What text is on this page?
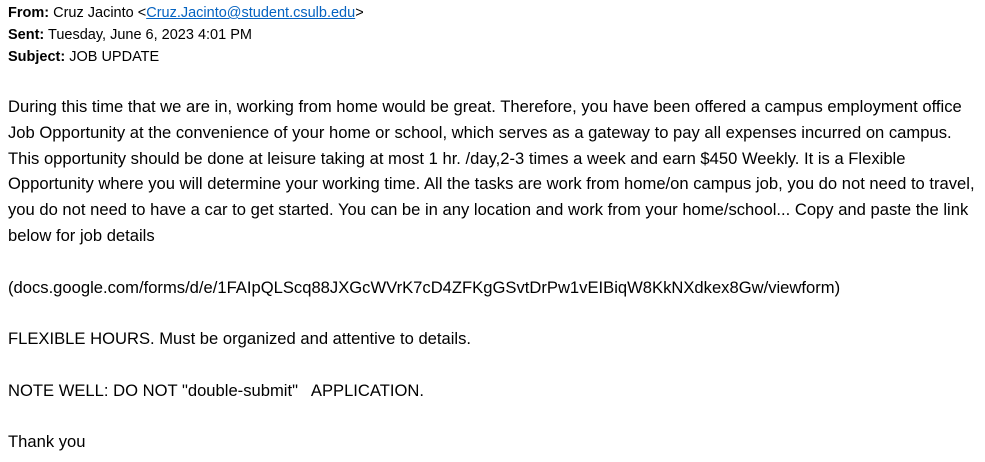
From: Cruz Jacinto <Cruz.Jacinto@student.csulb.edu>
Sent: Tuesday, June 6, 2023 4:01 PM
Subject: JOB UPDATE

During this time that we are in, working from home would be great. Therefore, you have been offered a campus employment office Job Opportunity at the convenience of your home or school, which serves as a gateway to pay all expenses incurred on campus. This opportunity should be done at leisure taking at most 1 hr. /day,2-3 times a week and earn $450 Weekly. It is a Flexible Opportunity where you will determine your working time. All the tasks are work from home/on campus job, you do not need to travel, you do not need to have a car to get started. You can be in any location and work from your home/school... Copy and paste the link below for job details

(docs.google.com/forms/d/e/1FAIpQLScq88JXGcWVrK7cD4ZFKgGSvtDrPw1vEIBiqW8KkNXdkex8Gw/viewform)

FLEXIBLE HOURS. Must be organized and attentive to details.

NOTE WELL: DO NOT "double-submit"   APPLICATION.

Thank you
